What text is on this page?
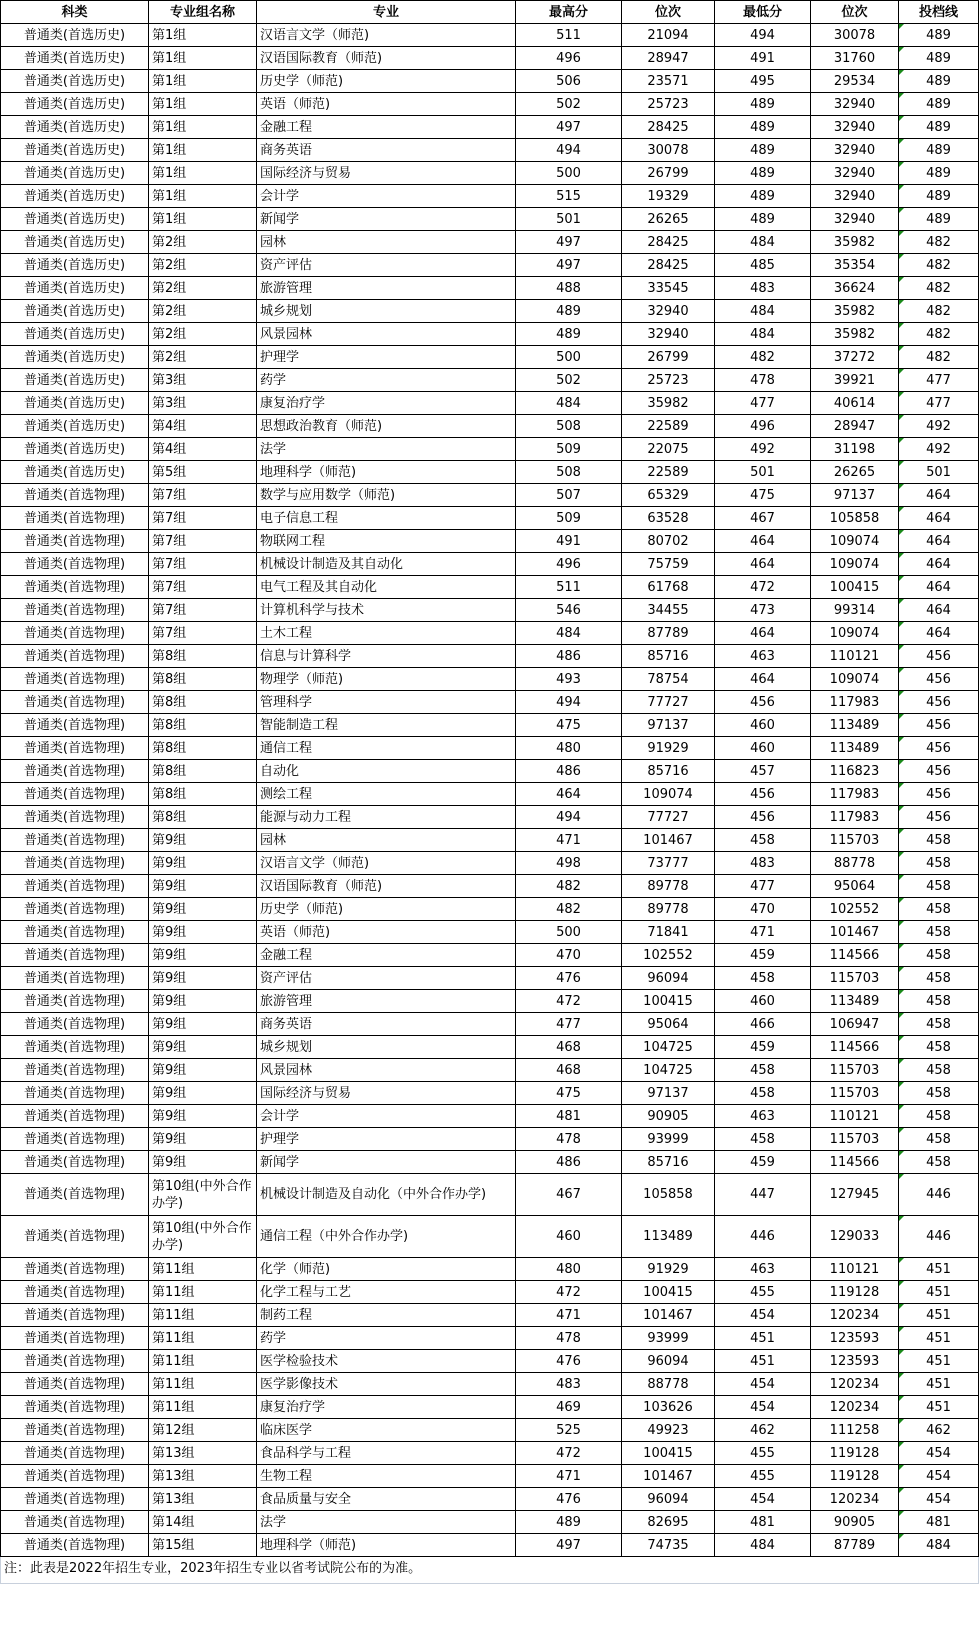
科类	专业组名称	专业	最高分	位次	最低分	位次	投档线
普通类(首选历史)	第1组	汉语言文学（师范)	511	21094	494	30078	489
普通类(首选历史)	第1组	汉语国际教育（师范)	496	28947	491	31760	489
普通类(首选历史)	第1组	历史学（师范)	506	23571	495	29534	489
普通类(首选历史)	第1组	英语（师范)	502	25723	489	32940	489
普通类(首选历史)	第1组	金融工程	497	28425	489	32940	489
普通类(首选历史)	第1组	商务英语	494	30078	489	32940	489
普通类(首选历史)	第1组	国际经济与贸易	500	26799	489	32940	489
普通类(首选历史)	第1组	会计学	515	19329	489	32940	489
普通类(首选历史)	第1组	新闻学	501	26265	489	32940	489
普通类(首选历史)	第2组	园林	497	28425	484	35982	482
普通类(首选历史)	第2组	资产评估	497	28425	485	35354	482
普通类(首选历史)	第2组	旅游管理	488	33545	483	36624	482
普通类(首选历史)	第2组	城乡规划	489	32940	484	35982	482
普通类(首选历史)	第2组	风景园林	489	32940	484	35982	482
普通类(首选历史)	第2组	护理学	500	26799	482	37272	482
普通类(首选历史)	第3组	药学	502	25723	478	39921	477
普通类(首选历史)	第3组	康复治疗学	484	35982	477	40614	477
普通类(首选历史)	第4组	思想政治教育（师范)	508	22589	496	28947	492
普通类(首选历史)	第4组	法学	509	22075	492	31198	492
普通类(首选历史)	第5组	地理科学（师范)	508	22589	501	26265	501
普通类(首选物理)	第7组	数学与应用数学（师范)	507	65329	475	97137	464
普通类(首选物理)	第7组	电子信息工程	509	63528	467	105858	464
普通类(首选物理)	第7组	物联网工程	491	80702	464	109074	464
普通类(首选物理)	第7组	机械设计制造及其自动化	496	75759	464	109074	464
普通类(首选物理)	第7组	电气工程及其自动化	511	61768	472	100415	464
普通类(首选物理)	第7组	计算机科学与技术	546	34455	473	99314	464
普通类(首选物理)	第7组	土木工程	484	87789	464	109074	464
普通类(首选物理)	第8组	信息与计算科学	486	85716	463	110121	456
普通类(首选物理)	第8组	物理学（师范)	493	78754	464	109074	456
普通类(首选物理)	第8组	管理科学	494	77727	456	117983	456
普通类(首选物理)	第8组	智能制造工程	475	97137	460	113489	456
普通类(首选物理)	第8组	通信工程	480	91929	460	113489	456
普通类(首选物理)	第8组	自动化	486	85716	457	116823	456
普通类(首选物理)	第8组	测绘工程	464	109074	456	117983	456
普通类(首选物理)	第8组	能源与动力工程	494	77727	456	117983	456
普通类(首选物理)	第9组	园林	471	101467	458	115703	458
普通类(首选物理)	第9组	汉语言文学（师范)	498	73777	483	88778	458
普通类(首选物理)	第9组	汉语国际教育（师范)	482	89778	477	95064	458
普通类(首选物理)	第9组	历史学（师范)	482	89778	470	102552	458
普通类(首选物理)	第9组	英语（师范)	500	71841	471	101467	458
普通类(首选物理)	第9组	金融工程	470	102552	459	114566	458
普通类(首选物理)	第9组	资产评估	476	96094	458	115703	458
普通类(首选物理)	第9组	旅游管理	472	100415	460	113489	458
普通类(首选物理)	第9组	商务英语	477	95064	466	106947	458
普通类(首选物理)	第9组	城乡规划	468	104725	459	114566	458
普通类(首选物理)	第9组	风景园林	468	104725	458	115703	458
普通类(首选物理)	第9组	国际经济与贸易	475	97137	458	115703	458
普通类(首选物理)	第9组	会计学	481	90905	463	110121	458
普通类(首选物理)	第9组	护理学	478	93999	458	115703	458
普通类(首选物理)	第9组	新闻学	486	85716	459	114566	458
普通类(首选物理)	第10组(中外合作办学)	机械设计制造及自动化（中外合作办学)	467	105858	447	127945	446
普通类(首选物理)	第10组(中外合作办学)	通信工程（中外合作办学)	460	113489	446	129033	446
普通类(首选物理)	第11组	化学（师范)	480	91929	463	110121	451
普通类(首选物理)	第11组	化学工程与工艺	472	100415	455	119128	451
普通类(首选物理)	第11组	制药工程	471	101467	454	120234	451
普通类(首选物理)	第11组	药学	478	93999	451	123593	451
普通类(首选物理)	第11组	医学检验技术	476	96094	451	123593	451
普通类(首选物理)	第11组	医学影像技术	483	88778	454	120234	451
普通类(首选物理)	第11组	康复治疗学	469	103626	454	120234	451
普通类(首选物理)	第12组	临床医学	525	49923	462	111258	462
普通类(首选物理)	第13组	食品科学与工程	472	100415	455	119128	454
普通类(首选物理)	第13组	生物工程	471	101467	455	119128	454
普通类(首选物理)	第13组	食品质量与安全	476	96094	454	120234	454
普通类(首选物理)	第14组	法学	489	82695	481	90905	481
普通类(首选物理)	第15组	地理科学（师范)	497	74735	484	87789	484
注：此表是2022年招生专业，2023年招生专业以省考试院公布的为准。
